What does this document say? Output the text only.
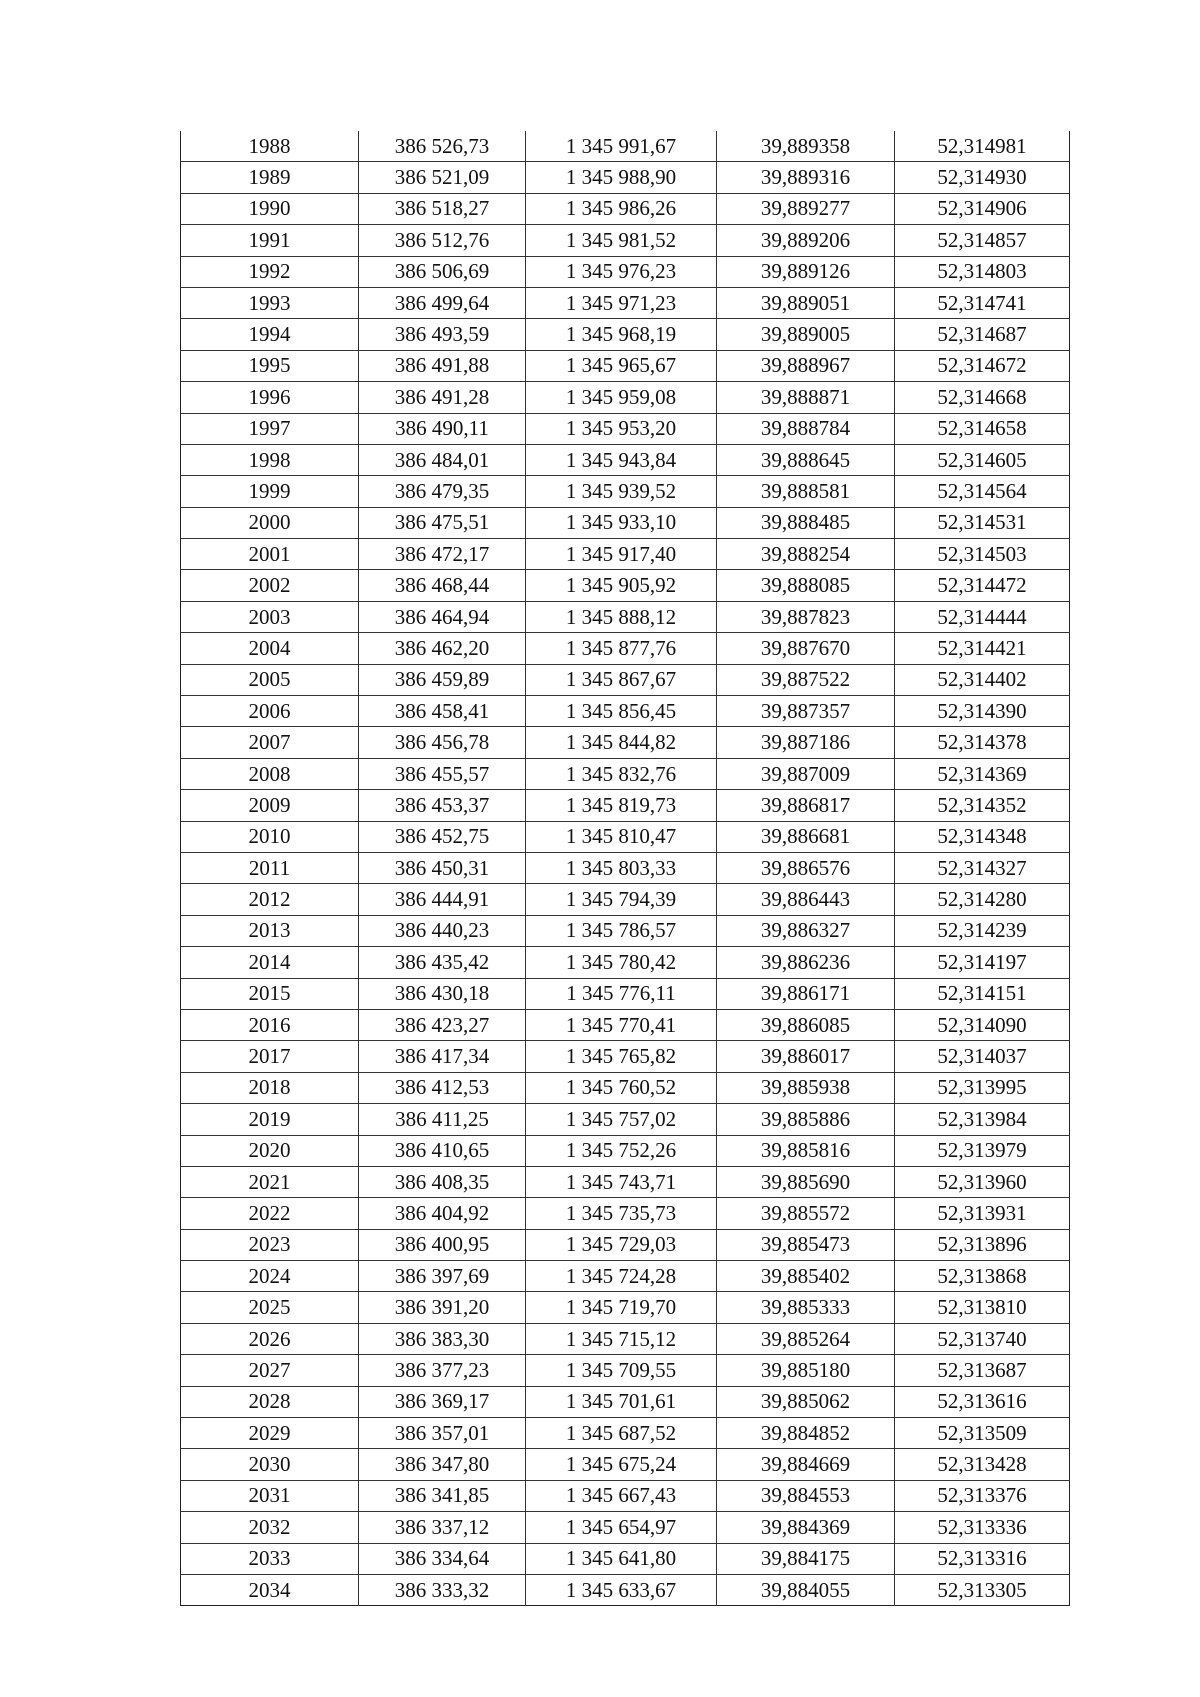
1988	386 526,73	1 345 991,67	39,889358	52,314981
1989	386 521,09	1 345 988,90	39,889316	52,314930
1990	386 518,27	1 345 986,26	39,889277	52,314906
1991	386 512,76	1 345 981,52	39,889206	52,314857
1992	386 506,69	1 345 976,23	39,889126	52,314803
1993	386 499,64	1 345 971,23	39,889051	52,314741
1994	386 493,59	1 345 968,19	39,889005	52,314687
1995	386 491,88	1 345 965,67	39,888967	52,314672
1996	386 491,28	1 345 959,08	39,888871	52,314668
1997	386 490,11	1 345 953,20	39,888784	52,314658
1998	386 484,01	1 345 943,84	39,888645	52,314605
1999	386 479,35	1 345 939,52	39,888581	52,314564
2000	386 475,51	1 345 933,10	39,888485	52,314531
2001	386 472,17	1 345 917,40	39,888254	52,314503
2002	386 468,44	1 345 905,92	39,888085	52,314472
2003	386 464,94	1 345 888,12	39,887823	52,314444
2004	386 462,20	1 345 877,76	39,887670	52,314421
2005	386 459,89	1 345 867,67	39,887522	52,314402
2006	386 458,41	1 345 856,45	39,887357	52,314390
2007	386 456,78	1 345 844,82	39,887186	52,314378
2008	386 455,57	1 345 832,76	39,887009	52,314369
2009	386 453,37	1 345 819,73	39,886817	52,314352
2010	386 452,75	1 345 810,47	39,886681	52,314348
2011	386 450,31	1 345 803,33	39,886576	52,314327
2012	386 444,91	1 345 794,39	39,886443	52,314280
2013	386 440,23	1 345 786,57	39,886327	52,314239
2014	386 435,42	1 345 780,42	39,886236	52,314197
2015	386 430,18	1 345 776,11	39,886171	52,314151
2016	386 423,27	1 345 770,41	39,886085	52,314090
2017	386 417,34	1 345 765,82	39,886017	52,314037
2018	386 412,53	1 345 760,52	39,885938	52,313995
2019	386 411,25	1 345 757,02	39,885886	52,313984
2020	386 410,65	1 345 752,26	39,885816	52,313979
2021	386 408,35	1 345 743,71	39,885690	52,313960
2022	386 404,92	1 345 735,73	39,885572	52,313931
2023	386 400,95	1 345 729,03	39,885473	52,313896
2024	386 397,69	1 345 724,28	39,885402	52,313868
2025	386 391,20	1 345 719,70	39,885333	52,313810
2026	386 383,30	1 345 715,12	39,885264	52,313740
2027	386 377,23	1 345 709,55	39,885180	52,313687
2028	386 369,17	1 345 701,61	39,885062	52,313616
2029	386 357,01	1 345 687,52	39,884852	52,313509
2030	386 347,80	1 345 675,24	39,884669	52,313428
2031	386 341,85	1 345 667,43	39,884553	52,313376
2032	386 337,12	1 345 654,97	39,884369	52,313336
2033	386 334,64	1 345 641,80	39,884175	52,313316
2034	386 333,32	1 345 633,67	39,884055	52,313305
